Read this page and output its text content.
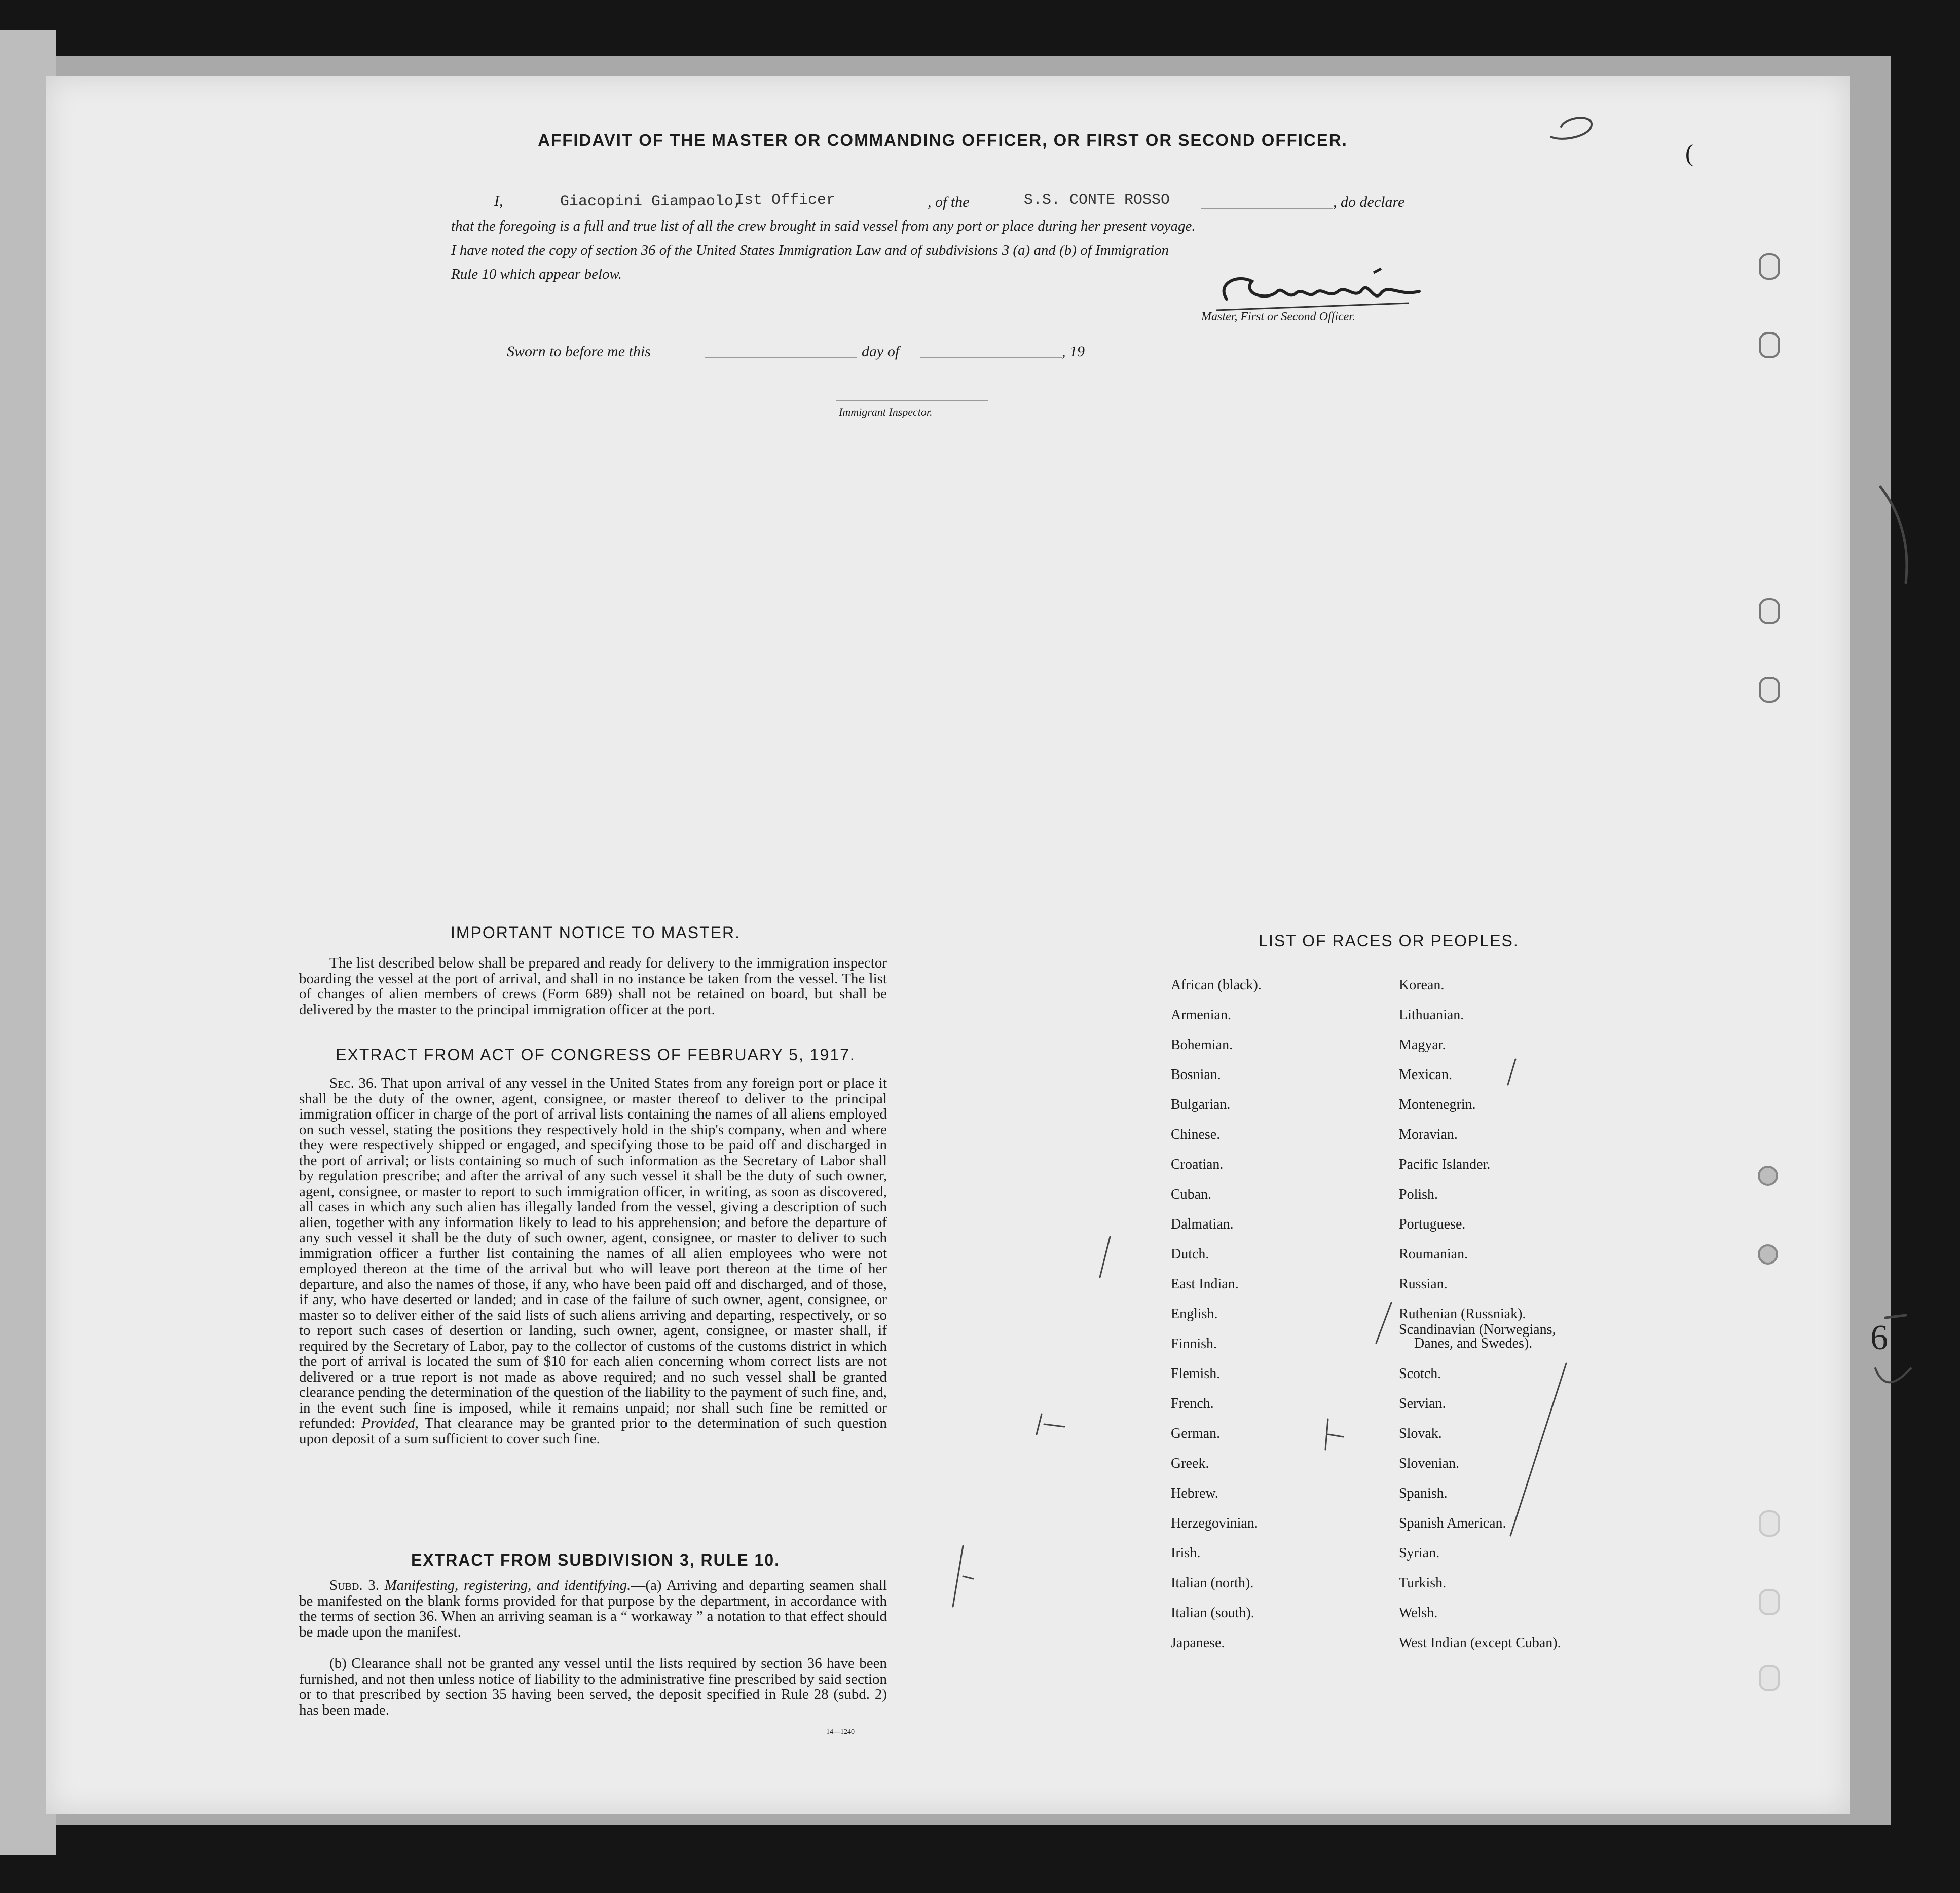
(
6
AFFIDAVIT OF THE MASTER OR COMMANDING OFFICER, OR FIRST OR SECOND OFFICER.
I,	Giacopini Giampaolo,
Ist Officer	, of the	S.S. CONTE ROSSO	, do declare
that the foregoing is a full and true list of all the crew brought in said vessel from any port or place during her present voyage.
I have noted the copy of section 36 of the United States Immigration Law and of subdivisions 3 (a) and (b) of Immigration
Rule 10 which appear below.
Master, First or Second Officer.
Sworn to before me this	day of	, 19
Immigrant Inspector.
IMPORTANT NOTICE TO MASTER.
The list described below shall be prepared and ready for delivery to the immigration inspector boarding the vessel at the port of arrival, and shall in no instance be taken from the vessel. The list of changes of alien members of crews (Form 689) shall not be retained on board, but shall be delivered by the master to the principal immigration officer at the port.
EXTRACT FROM ACT OF CONGRESS OF FEBRUARY 5, 1917.
Sec. 36. That upon arrival of any vessel in the United States from any foreign port or place it shall be the duty of the owner, agent, consignee, or master thereof to deliver to the principal immigration officer in charge of the port of arrival lists containing the names of all aliens employed on such vessel, stating the positions they respectively hold in the ship's company, when and where they were respectively shipped or engaged, and specifying those to be paid off and discharged in the port of arrival; or lists containing so much of such information as the Secretary of Labor shall by regulation prescribe; and after the arrival of any such vessel it shall be the duty of such owner, agent, consignee, or master to report to such immigration officer, in writing, as soon as discovered, all cases in which any such alien has illegally landed from the vessel, giving a description of such alien, together with any information likely to lead to his apprehension; and before the departure of any such vessel it shall be the duty of such owner, agent, consignee, or master to deliver to such immigration officer a further list containing the names of all alien employees who were not employed thereon at the time of the arrival but who will leave port thereon at the time of her departure, and also the names of those, if any, who have been paid off and discharged, and of those, if any, who have deserted or landed; and in case of the failure of such owner, agent, consignee, or master so to deliver either of the said lists of such aliens arriving and departing, respectively, or so to report such cases of desertion or landing, such owner, agent, consignee, or master shall, if required by the Secretary of Labor, pay to the collector of customs of the customs district in which the port of arrival is located the sum of $10 for each alien concerning whom correct lists are not delivered or a true report is not made as above required; and no such vessel shall be granted clearance pending the determination of the question of the liability to the payment of such fine, and, in the event such fine is imposed, while it remains unpaid; nor shall such fine be remitted or refunded: Provided, That clearance may be granted prior to the determination of such question upon deposit of a sum sufficient to cover such fine.
EXTRACT FROM SUBDIVISION 3, RULE 10.
Subd. 3. Manifesting, registering, and identifying.—(a) Arriving and departing seamen shall be manifested on the blank forms provided for that purpose by the department, in accordance with the terms of section 36. When an arriving seaman is a “ workaway ” a notation to that effect should be made upon the manifest.
(b) Clearance shall not be granted any vessel until the lists required by section 36 have been furnished, and not then unless notice of liability to the administrative fine prescribed by said section or to that prescribed by section 35 having been served, the deposit specified in Rule 28 (subd. 2) has been made.
14—1240
LIST OF RACES OR PEOPLES.
African (black).
Armenian.
Bohemian.
Bosnian.
Bulgarian.
Chinese.
Croatian.
Cuban.
Dalmatian.
Dutch.
East Indian.
English.
Finnish.
Flemish.
French.
German.
Greek.
Hebrew.
Herzegovinian.
Irish.
Italian (north).
Italian (south).
Japanese.
Korean.
Lithuanian.
Magyar.
Mexican.
Montenegrin.
Moravian.
Pacific Islander.
Polish.
Portuguese.
Roumanian.
Russian.
Ruthenian (Russniak).
Scandinavian (Norwegians,
Danes, and Swedes).
Scotch.
Servian.
Slovak.
Slovenian.
Spanish.
Spanish American.
Syrian.
Turkish.
Welsh.
West Indian (except Cuban).
